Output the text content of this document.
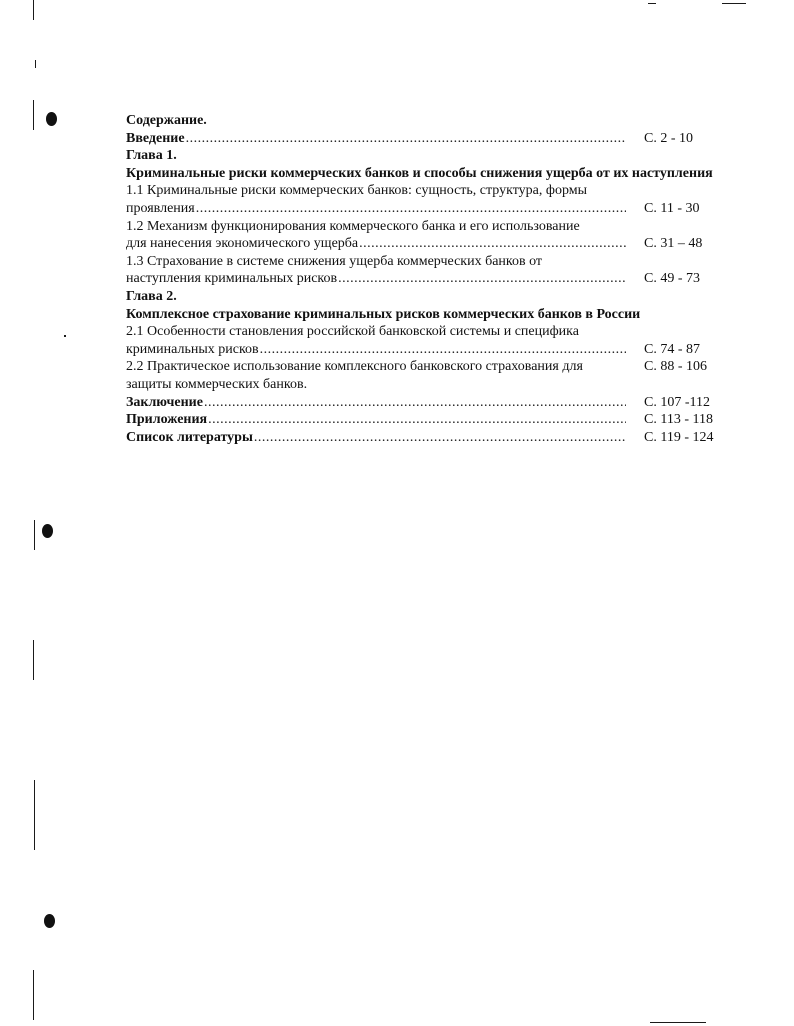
Содержание.
Введение .....	С. 2 - 10
Глава 1.
Криминальные риски коммерческих банков и способы снижения ущерба от их наступления
1.1 Криминальные риски коммерческих банков: сущность, структура, формы
проявления .....	С. 11 - 30
1.2 Механизм функционирования коммерческого банка и его использование
для нанесения экономического ущерба .....	С. 31 – 48
1.3 Страхование в системе снижения ущерба коммерческих банков от
наступления криминальных рисков .....	С. 49 - 73
Глава 2.
Комплексное страхование криминальных рисков коммерческих банков в России
2.1 Особенности становления российской банковской системы и специфика
криминальных рисков .....	С. 74 - 87
2.2 Практическое использование комплексного банковского страхования для	С. 88 - 106
защиты коммерческих банков.
Заключение .....	С. 107 -112
Приложения .....	С. 113 - 118
Список литературы .....	С. 119 - 124
